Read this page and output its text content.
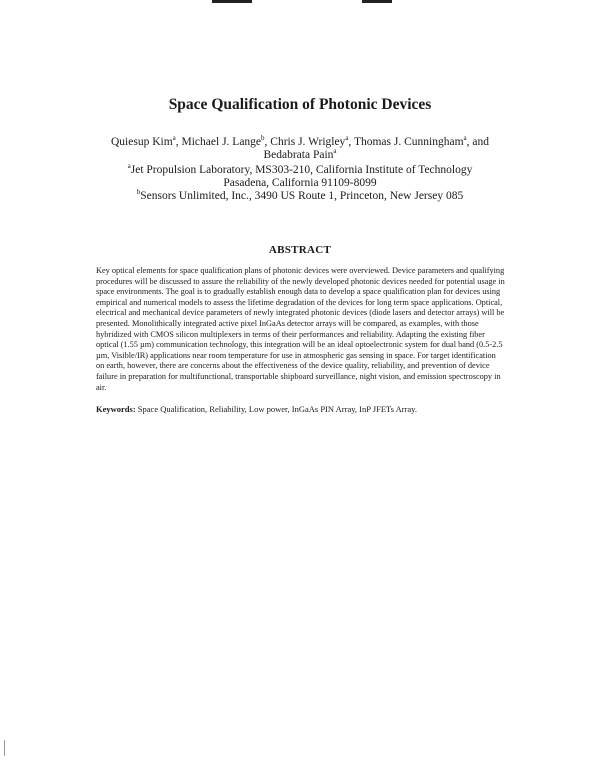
Space Qualification of Photonic Devices
Quiesup Kim$^a$, Michael J. Lange$^b$, Chris J. Wrigley$^a$, Thomas J. Cunningham$^a$, and
Bedabrata Pain$^a$
$^a$Jet Propulsion Laboratory, MS303-210, California Institute of Technology
Pasadena, California 91109-8099
$^b$Sensors Unlimited, Inc., 3490 US Route 1, Princeton, New Jersey 085
ABSTRACT
Key optical elements for space qualification plans of photonic devices were overviewed. Device parameters and qualifying procedures will be discussed to assure the reliability of the newly developed photonic devices needed for potential usage in space environments. The goal is to gradually establish enough data to develop a space qualification plan for devices using empirical and numerical models to assess the lifetime degradation of the devices for long term space applications. Optical, electrical and mechanical device parameters of newly integrated photonic devices (diode lasers and detector arrays) will be presented. Monolithically integrated active pixel InGaAs detector arrays will be compared, as examples, with those hybridized with CMOS silicon multiplexers in terms of their performances and reliability. Adapting the existing fiber optical (1.55 µm) communication technology, this integration will be an ideal optoelectronic system for dual band (0.5-2.5 µm, Visible/IR) applications near room temperature for use in atmospheric gas sensing in space. For target identification on earth, however, there are concerns about the effectiveness of the device quality, reliability, and prevention of device failure in preparation for multifunctional, transportable shipboard surveillance, night vision, and emission spectroscopy in air.
Keywords: Space Qualification, Reliability, Low power, InGaAs PIN Array, InP JFETs Array.
